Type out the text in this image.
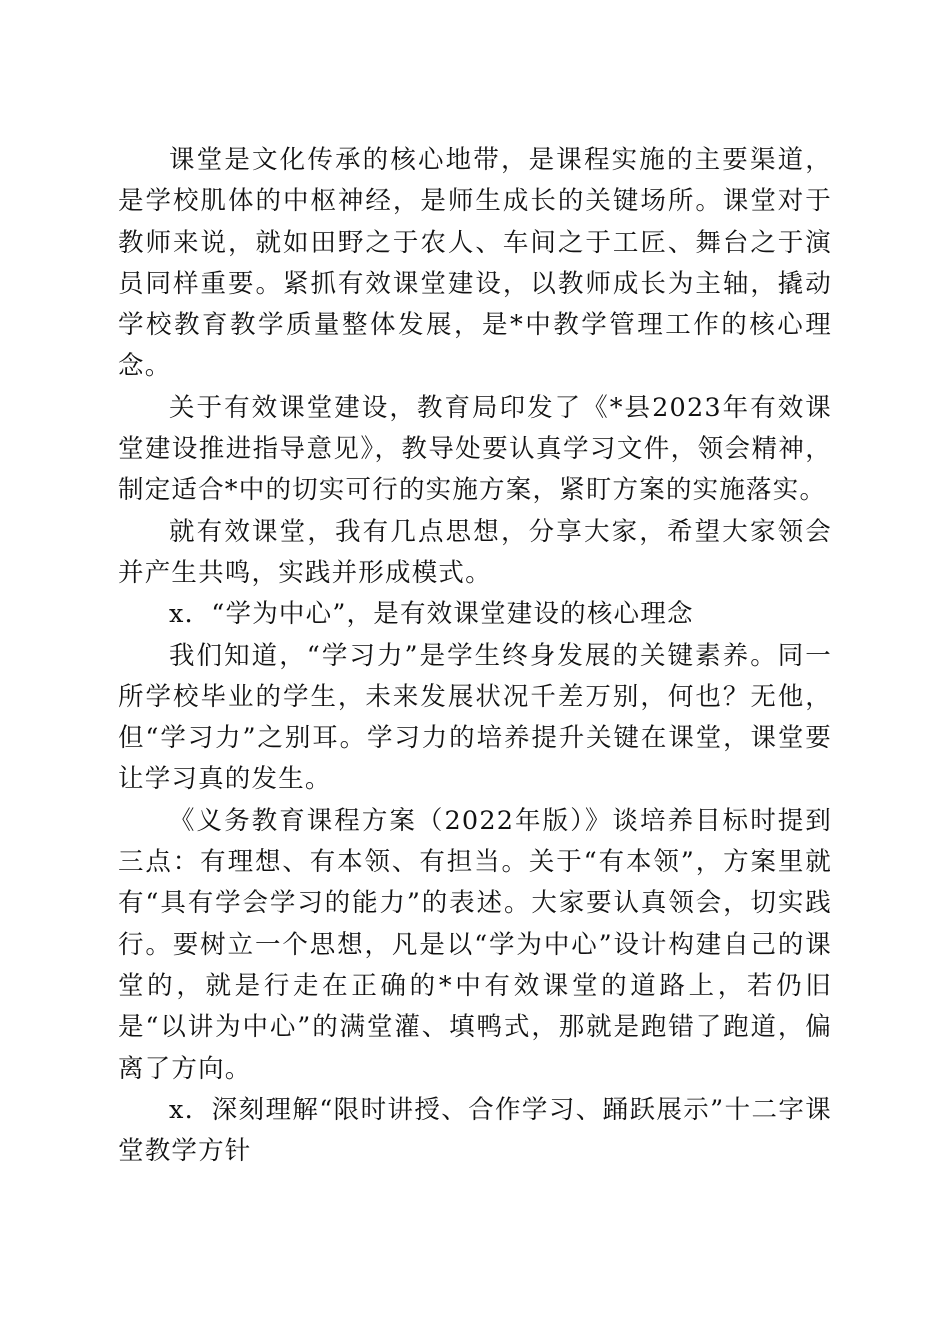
课堂是文化传承的核心地带，是课程实施的主要渠道，是学校肌体的中枢神经，是师生成长的关键场所。课堂对于教师来说，就如田野之于农人、车间之于工匠、舞台之于演员同样重要。紧抓有效课堂建设，以教师成长为主轴，撬动学校教育教学质量整体发展，是*中教学管理工作的核心理念。

关于有效课堂建设，教育局印发了《*县2023年有效课堂建设推进指导意见》，教导处要认真学习文件，领会精神，制定适合*中的切实可行的实施方案，紧盯方案的实施落实。

就有效课堂，我有几点思想，分享大家，希望大家领会并产生共鸣，实践并形成模式。

x．“学为中心”，是有效课堂建设的核心理念

我们知道，“学习力”是学生终身发展的关键素养。同一所学校毕业的学生，未来发展状况千差万别，何也？无他，但“学习力”之别耳。学习力的培养提升关键在课堂，课堂要让学习真的发生。

《义务教育课程方案（2022年版）》谈培养目标时提到三点：有理想、有本领、有担当。关于“有本领”，方案里就有“具有学会学习的能力”的表述。大家要认真领会，切实践行。要树立一个思想，凡是以“学为中心”设计构建自己的课堂的，就是行走在正确的*中有效课堂的道路上，若仍旧是“以讲为中心”的满堂灌、填鸭式，那就是跑错了跑道，偏离了方向。

x．深刻理解“限时讲授、合作学习、踊跃展示”十二字课堂教学方针
